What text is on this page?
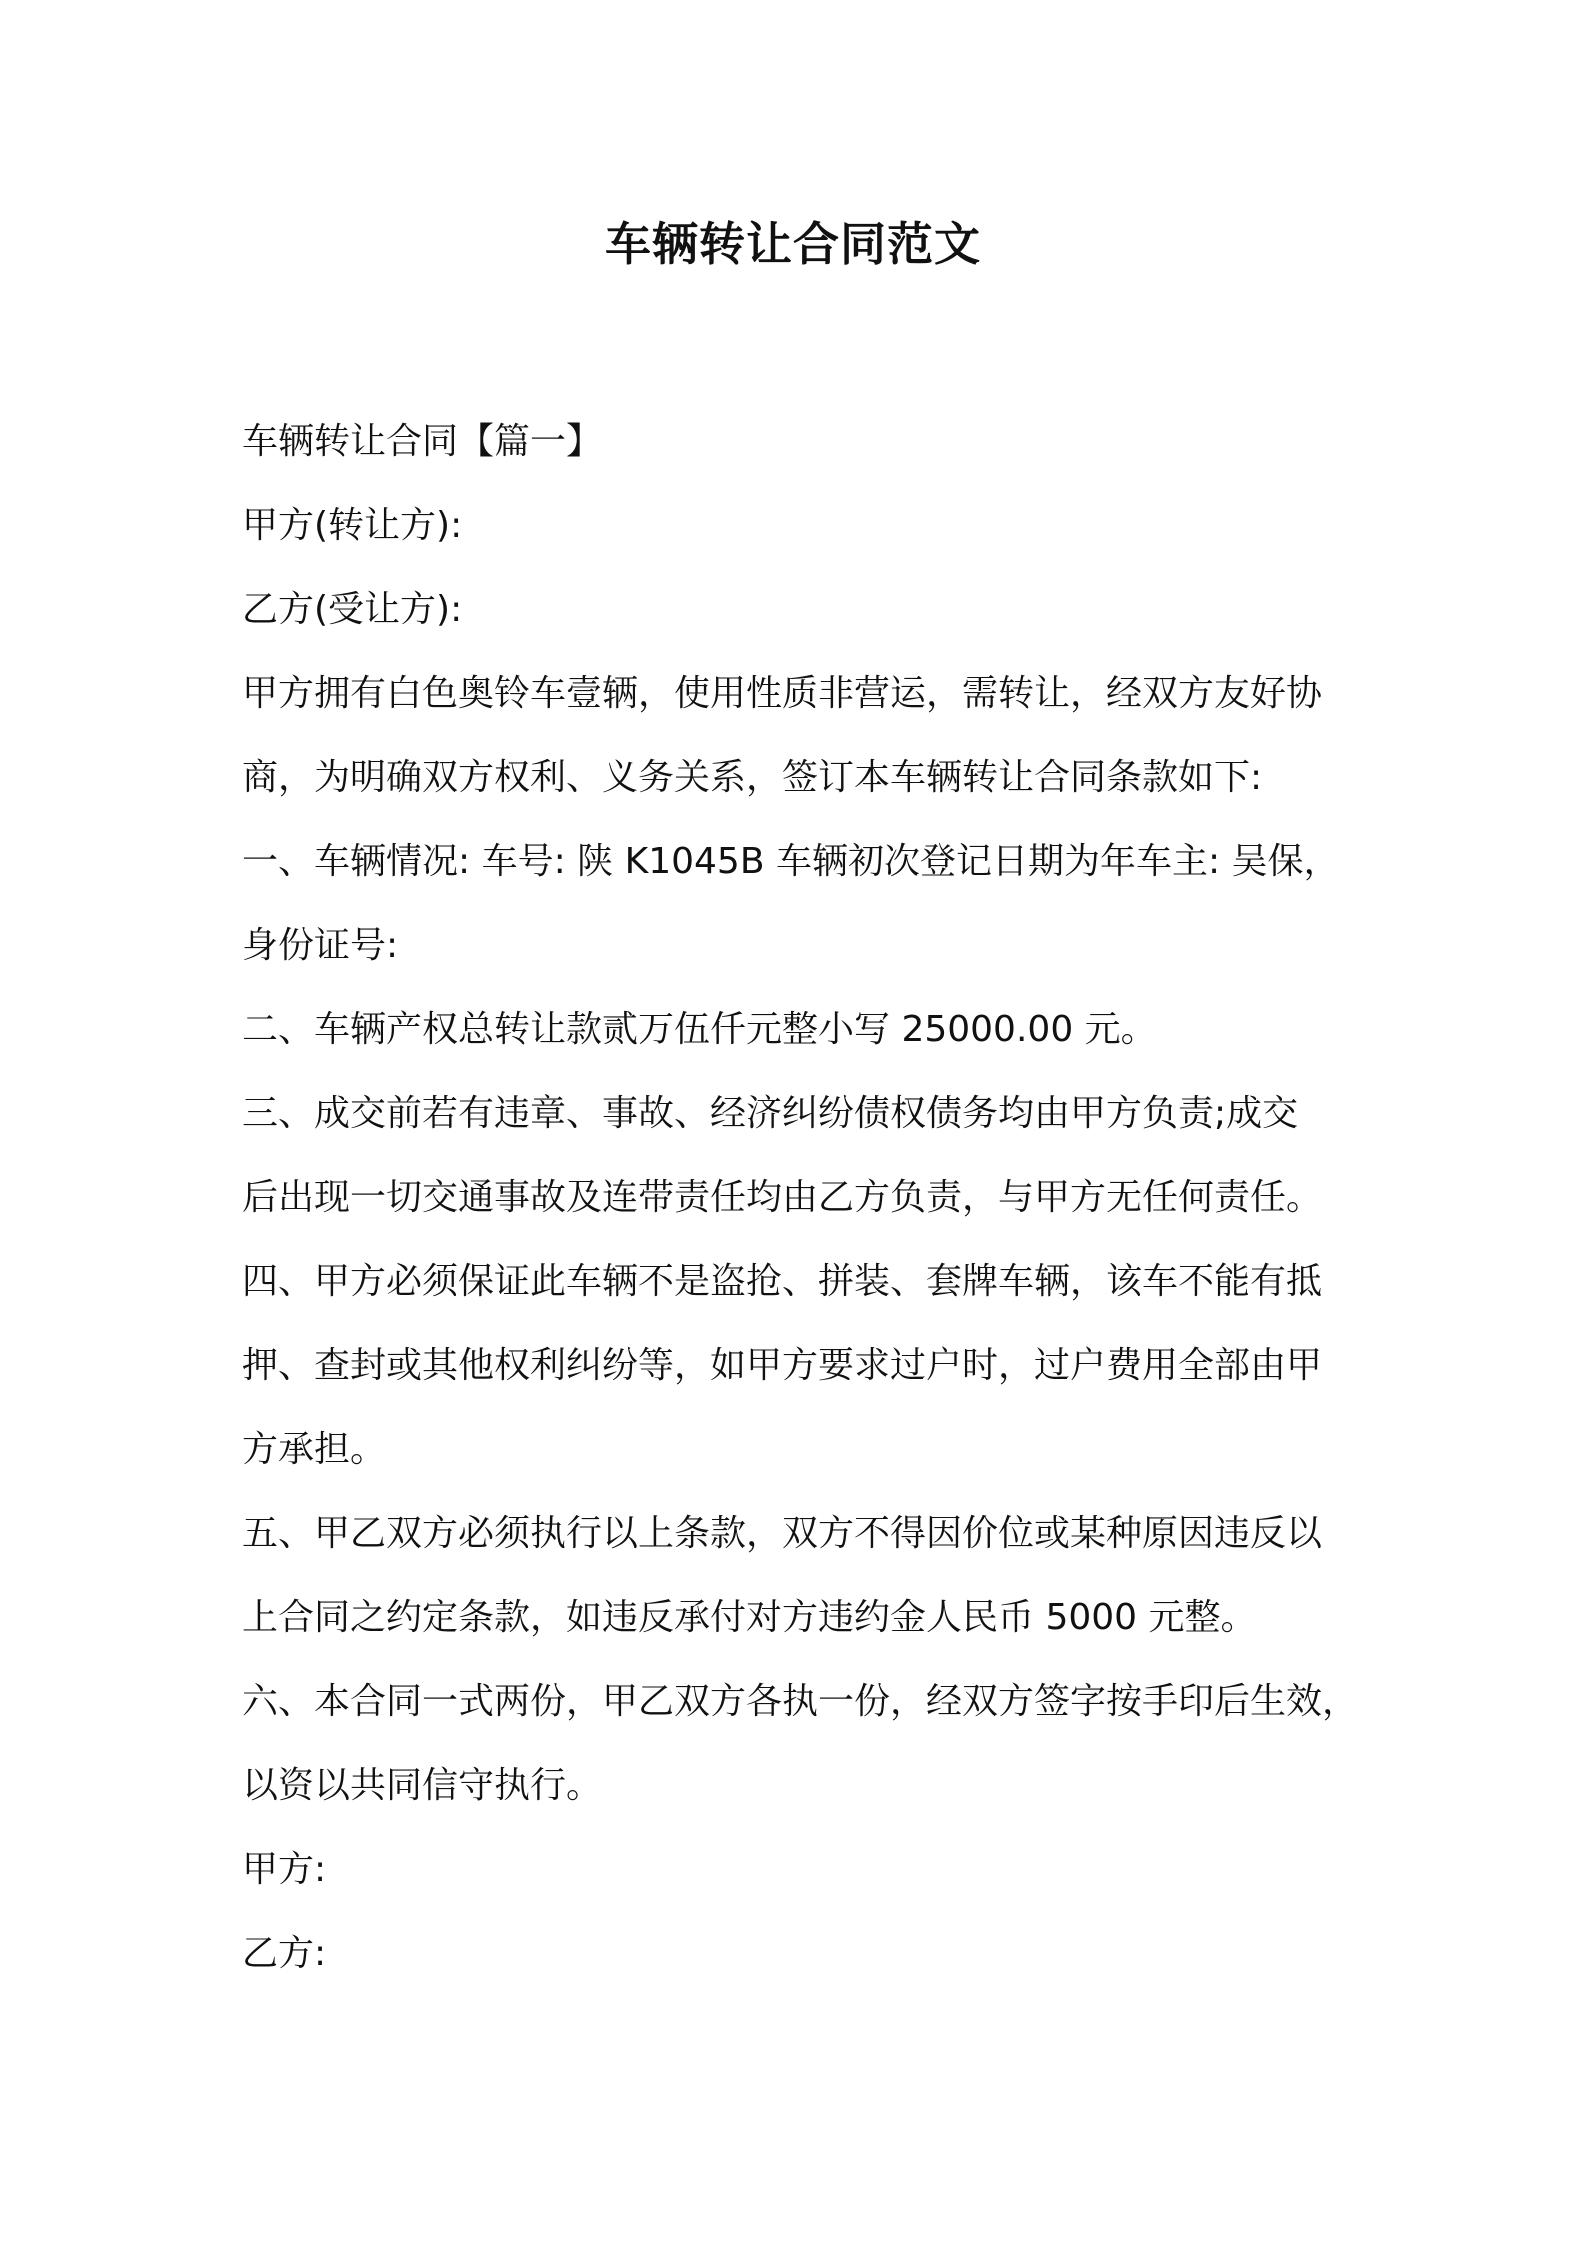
车辆转让合同范文

车辆转让合同【篇一】

甲方(转让方):

乙方(受让方):

甲方拥有白色奥铃车壹辆，使用性质非营运，需转让，经双方友好协

商，为明确双方权利、义务关系，签订本车辆转让合同条款如下:

一、车辆情况: 车号: 陕 K1045B 车辆初次登记日期为年车主: 吴保，

身份证号:

二、车辆产权总转让款贰万伍仟元整小写 25000.00 元。

三、成交前若有违章、事故、经济纠纷债权债务均由甲方负责;成交

后出现一切交通事故及连带责任均由乙方负责，与甲方无任何责任。

四、甲方必须保证此车辆不是盗抢、拼装、套牌车辆，该车不能有抵

押、查封或其他权利纠纷等，如甲方要求过户时，过户费用全部由甲

方承担。

五、甲乙双方必须执行以上条款，双方不得因价位或某种原因违反以

上合同之约定条款，如违反承付对方违约金人民币 5000 元整。

六、本合同一式两份，甲乙双方各执一份，经双方签字按手印后生效，

以资以共同信守执行。

甲方:

乙方:
